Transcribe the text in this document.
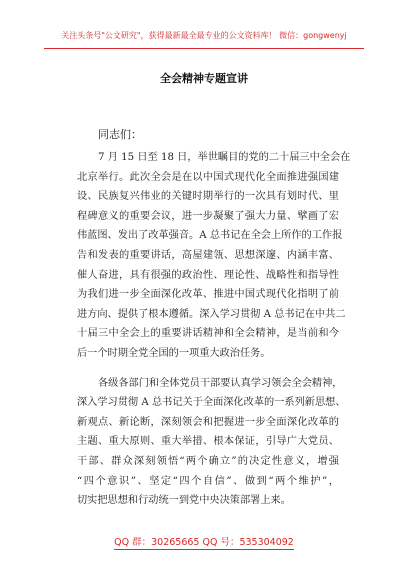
关注头条号"公文研究"，获得最新最全最专业的公文资料库！ 微信：gongwenyj
全会精神专题宣讲
同志们：
7 月 15 日至 18 日，举世瞩目的党的二十届三中全会在
北京举行。此次全会是在以中国式现代化全面推进强国建
设、民族复兴伟业的关键时期举行的一次具有划时代、里
程碑意义的重要会议，进一步凝聚了强大力量、擘画了宏
伟蓝图、发出了改革强音。A 总书记在全会上所作的工作报
告和发表的重要讲话，高屋建瓴、思想深邃、内涵丰富、
催人奋进，具有很强的政治性、理论性、战略性和指导性
为我们进一步全面深化改革、推进中国式现代化指明了前
进方向、提供了根本遵循。深入学习贯彻 A 总书记在中共二
十届三中全会上的重要讲话精神和全会精神，是当前和今
后一个时期全党全国的一项重大政治任务。
各级各部门和全体党员干部要认真学习领会全会精神，
深入学习贯彻 A 总书记关于全面深化改革的一系列新思想、
新观点、新论断，深刻领会和把握进一步全面深化改革的
主题、重大原则、重大举措、根本保证，引导广大党员、
干部、群众深刻领悟“两个确立”的决定性意义，增强
“四个意识”、坚定“四个自信”、做到“两个维护”，
切实把思想和行动统一到党中央决策部署上来。
QQ 群：30265665 QQ 号：535304092
